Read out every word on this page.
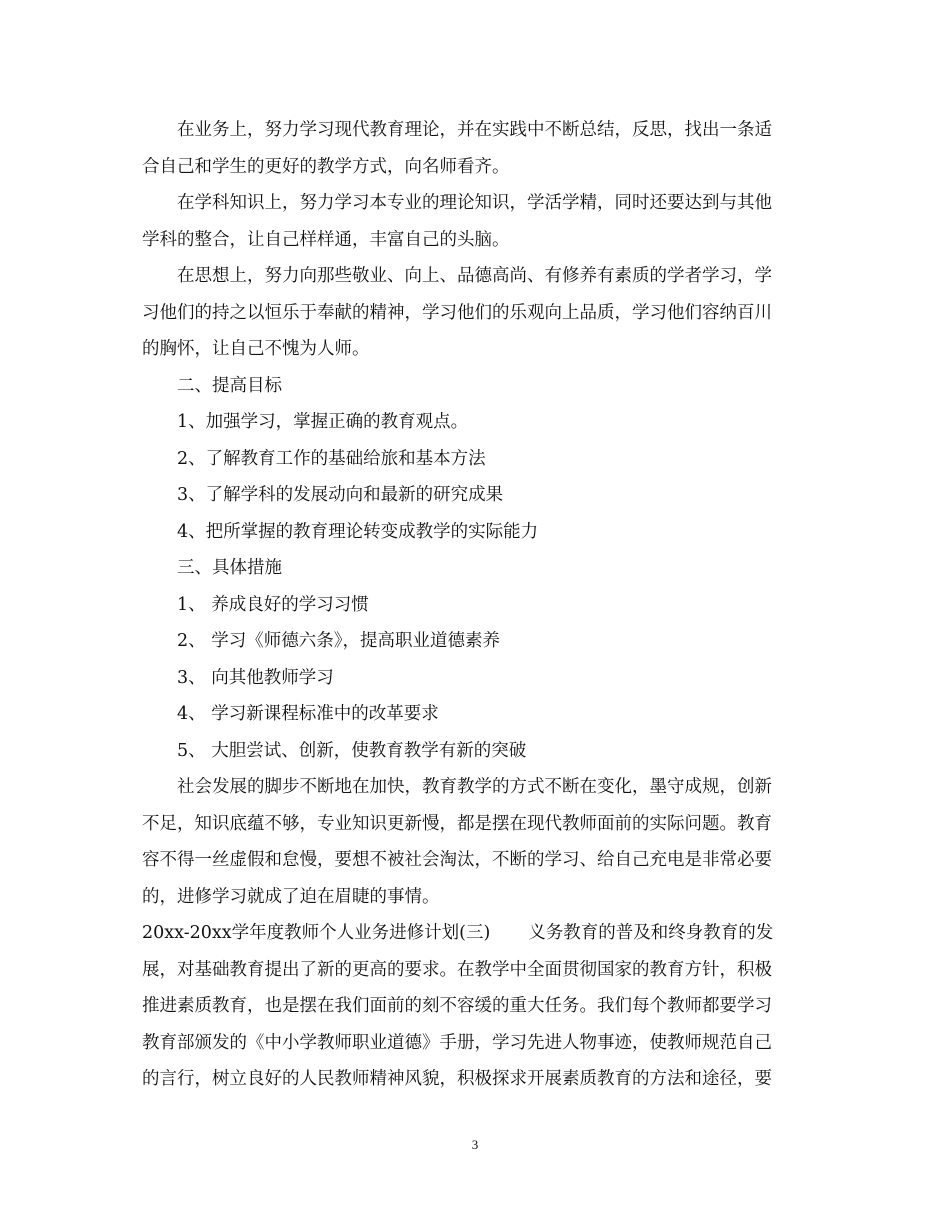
在业务上，努力学习现代教育理论，并在实践中不断总结，反思，找出一条适
合自己和学生的更好的教学方式，向名师看齐。
在学科知识上，努力学习本专业的理论知识，学活学精，同时还要达到与其他
学科的整合，让自己样样通，丰富自己的头脑。
在思想上，努力向那些敬业、向上、品德高尚、有修养有素质的学者学习，学
习他们的持之以恒乐于奉献的精神，学习他们的乐观向上品质，学习他们容纳百川
的胸怀，让自己不愧为人师。
二、提高目标
1、加强学习，掌握正确的教育观点。
2、了解教育工作的基础给旅和基本方法
3、了解学科的发展动向和最新的研究成果
4、把所掌握的教育理论转变成教学的实际能力
三、具体措施
1、 养成良好的学习习惯
2、 学习《师德六条》，提高职业道德素养
3、 向其他教师学习
4、 学习新课程标准中的改革要求
5、 大胆尝试、创新，使教育教学有新的突破
社会发展的脚步不断地在加快，教育教学的方式不断在变化，墨守成规，创新
不足，知识底蕴不够，专业知识更新慢，都是摆在现代教师面前的实际问题。教育
容不得一丝虚假和怠慢，要想不被社会淘汰，不断的学习、给自己充电是非常必要
的，进修学习就成了迫在眉睫的事情。
20xx-20xx学年度教师个人业务进修计划(三) 义务教育的普及和终身教育的发
展，对基础教育提出了新的更高的要求。在教学中全面贯彻国家的教育方针，积极
推进素质教育，也是摆在我们面前的刻不容缓的重大任务。我们每个教师都要学习
教育部颁发的《中小学教师职业道德》手册，学习先进人物事迹，使教师规范自己
的言行，树立良好的人民教师精神风貌，积极探求开展素质教育的方法和途径，要
3
